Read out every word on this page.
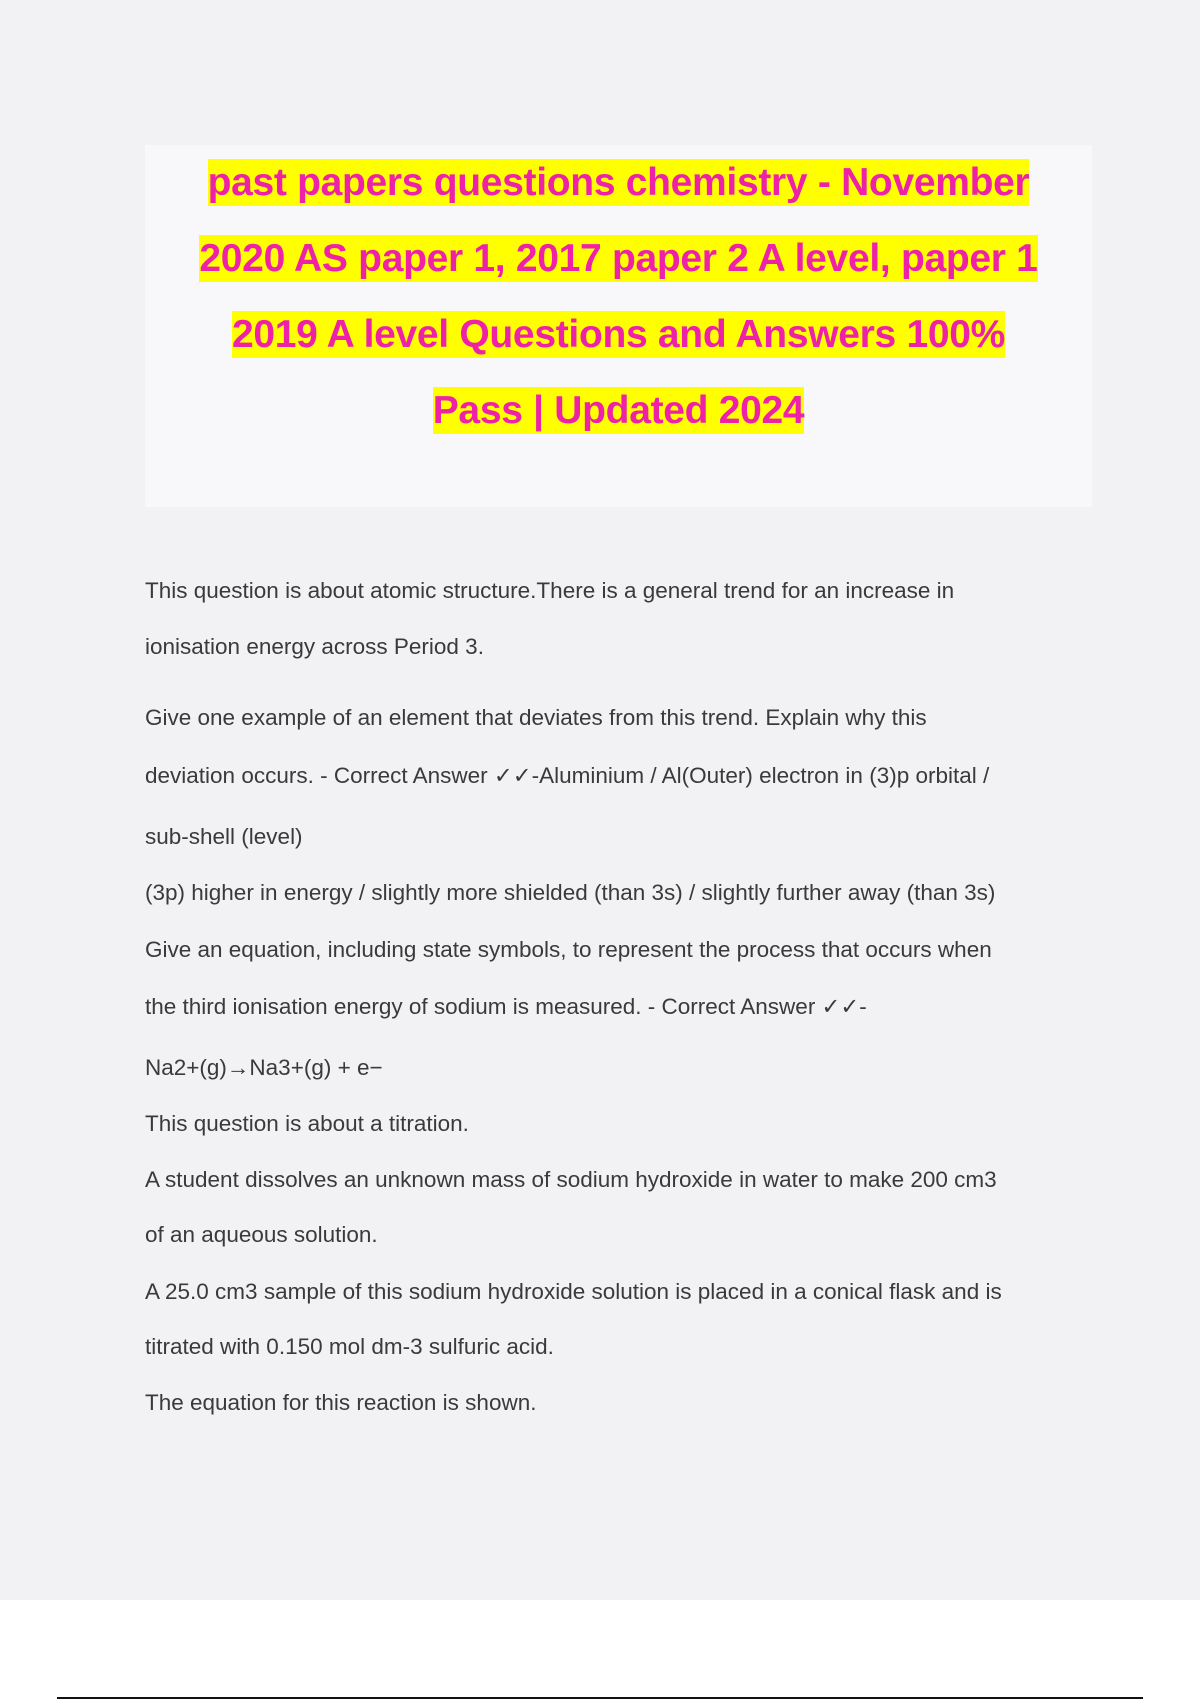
past papers questions chemistry - November
2020 AS paper 1, 2017 paper 2 A level, paper 1
2019 A level Questions and Answers 100%
Pass | Updated 2024
This question is about atomic structure.There is a general trend for an increase in
ionisation energy across Period 3.
Give one example of an element that deviates from this trend. Explain why this
deviation occurs. - Correct Answer ✓✓-Aluminium / Al(Outer) electron in (3)p orbital /
sub-shell (level)
(3p) higher in energy / slightly more shielded (than 3s) / slightly further away (than 3s)
Give an equation, including state symbols, to represent the process that occurs when
the third ionisation energy of sodium is measured. - Correct Answer ✓✓-
Na2+(g)→Na3+(g) + e−
This question is about a titration.
A student dissolves an unknown mass of sodium hydroxide in water to make 200 cm3
of an aqueous solution.
A 25.0 cm3 sample of this sodium hydroxide solution is placed in a conical flask and is
titrated with 0.150 mol dm-3 sulfuric acid.
The equation for this reaction is shown.
